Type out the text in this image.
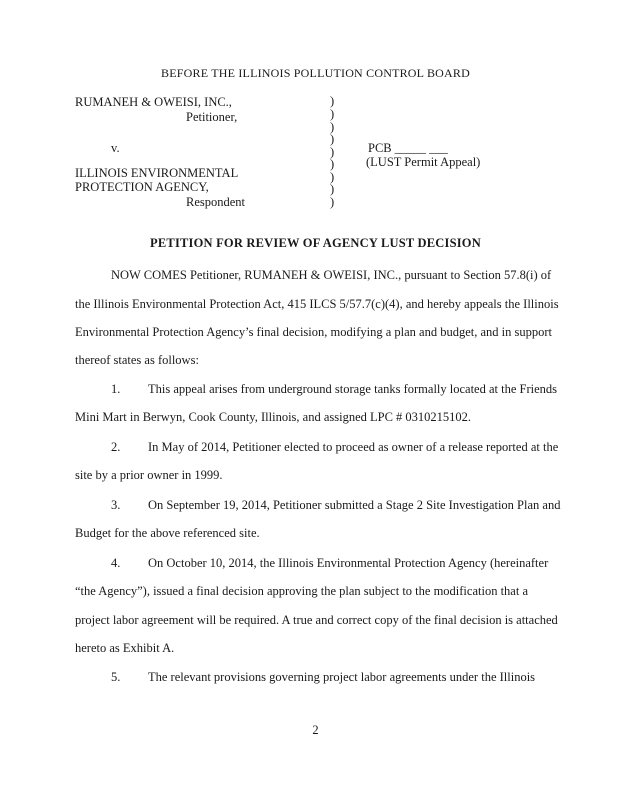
BEFORE THE ILLINOIS POLLUTION CONTROL BOARD
RUMANEH & OWEISI, INC.,
Petitioner,
v.
ILLINOIS ENVIRONMENTAL
PROTECTION AGENCY,
Respondent
)
)
)
)
)
)
)
)
)
PCB _____ ___
(LUST Permit Appeal)
PETITION FOR REVIEW OF AGENCY LUST DECISION
NOW COMES Petitioner, RUMANEH & OWEISI, INC., pursuant to Section 57.8(i) of
the Illinois Environmental Protection Act, 415 ILCS 5/57.7(c)(4), and hereby appeals the Illinois
Environmental Protection Agency’s final decision, modifying a plan and budget, and in support
thereof states as follows:
1. This appeal arises from underground storage tanks formally located at the Friends
Mini Mart in Berwyn, Cook County, Illinois, and assigned LPC # 0310215102.
2. In May of 2014, Petitioner elected to proceed as owner of a release reported at the
site by a prior owner in 1999.
3. On September 19, 2014, Petitioner submitted a Stage 2 Site Investigation Plan and
Budget for the above referenced site.
4. On October 10, 2014, the Illinois Environmental Protection Agency (hereinafter
“the Agency”), issued a final decision approving the plan subject to the modification that a
project labor agreement will be required. A true and correct copy of the final decision is attached
hereto as Exhibit A.
5. The relevant provisions governing project labor agreements under the Illinois
2
